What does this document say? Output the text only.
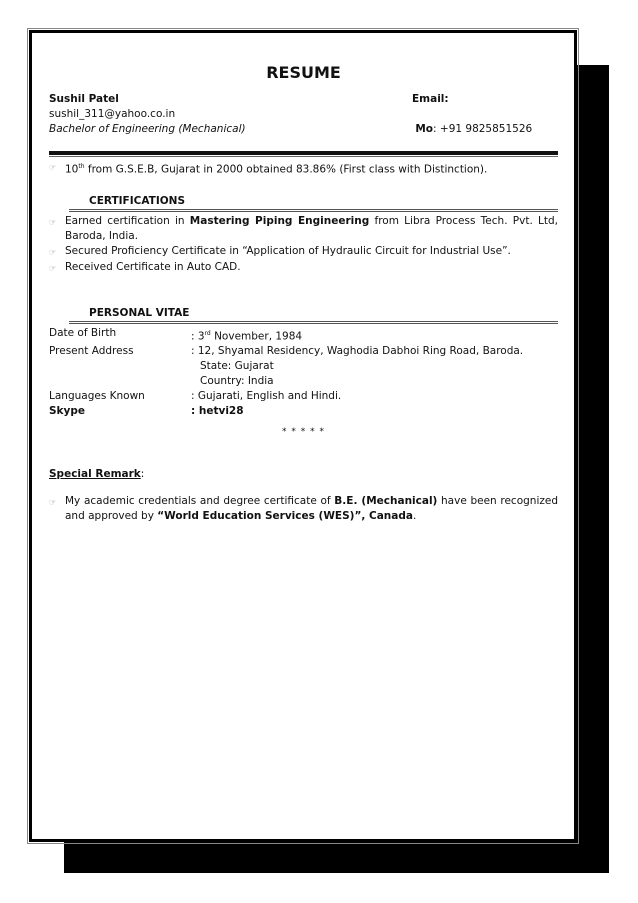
RESUME
Sushil Patel	Email:
sushil_311@yahoo.co.in
Bachelor of Engineering (Mechanical)	Mo: +91 9825851526
☞ 10th from G.S.E.B, Gujarat in 2000 obtained 83.86% (First class with Distinction).
CERTIFICATIONS
☞ Earned certification in Mastering Piping Engineering from Libra Process Tech. Pvt. Ltd, Baroda, India.
☞ Secured Proficiency Certificate in “Application of Hydraulic Circuit for Industrial Use”.
☞ Received Certificate in Auto CAD.
PERSONAL VITAE
Date of Birth	: 3rd November, 1984
Present Address	: 12, Shyamal Residency, Waghodia Dabhoi Ring Road, Baroda.
State: Gujarat
Country: India
Languages Known	: Gujarati, English and Hindi.
Skype	: hetvi28
* * * * *
Special Remark:
☞ My academic credentials and degree certificate of B.E. (Mechanical) have been recognized and approved by “World Education Services (WES)”, Canada.
